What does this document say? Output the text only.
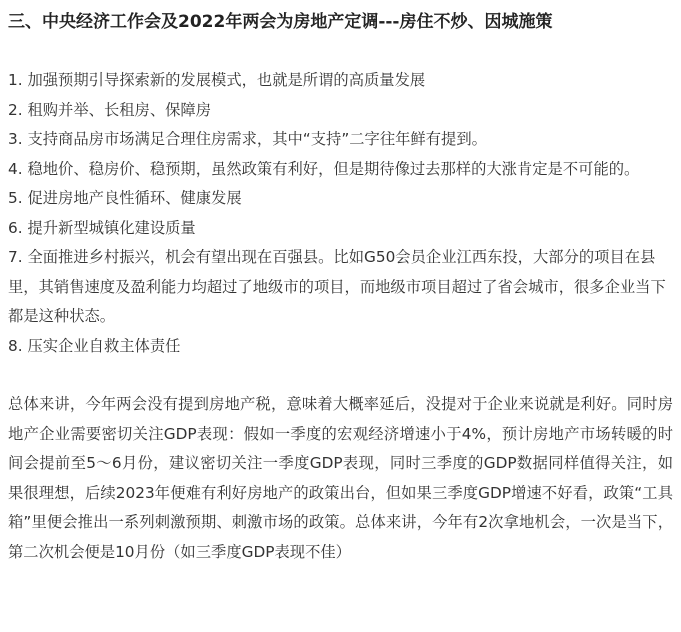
三、中央经济工作会及2022年两会为房地产定调---房住不炒、因城施策
1. 加强预期引导探索新的发展模式，也就是所谓的高质量发展
2. 租购并举、长租房、保障房
3. 支持商品房市场满足合理住房需求，其中“支持”二字往年鲜有提到。
4. 稳地价、稳房价、稳预期，虽然政策有利好，但是期待像过去那样的大涨肯定是不可能的。
5. 促进房地产良性循环、健康发展
6. 提升新型城镇化建设质量
7. 全面推进乡村振兴，机会有望出现在百强县。比如G50会员企业江西东投，大部分的项目在县里，其销售速度及盈利能力均超过了地级市的项目，而地级市项目超过了省会城市，很多企业当下都是这种状态。
8. 压实企业自救主体责任

总体来讲，今年两会没有提到房地产税，意味着大概率延后，没提对于企业来说就是利好。同时房地产企业需要密切关注GDP表现：假如一季度的宏观经济增速小于4%，预计房地产市场转暖的时间会提前至5～6月份，建议密切关注一季度GDP表现，同时三季度的GDP数据同样值得关注，如果很理想，后续2023年便难有利好房地产的政策出台，但如果三季度GDP增速不好看，政策“工具箱”里便会推出一系列刺激预期、刺激市场的政策。总体来讲，今年有2次拿地机会，一次是当下，第二次机会便是10月份（如三季度GDP表现不佳）
